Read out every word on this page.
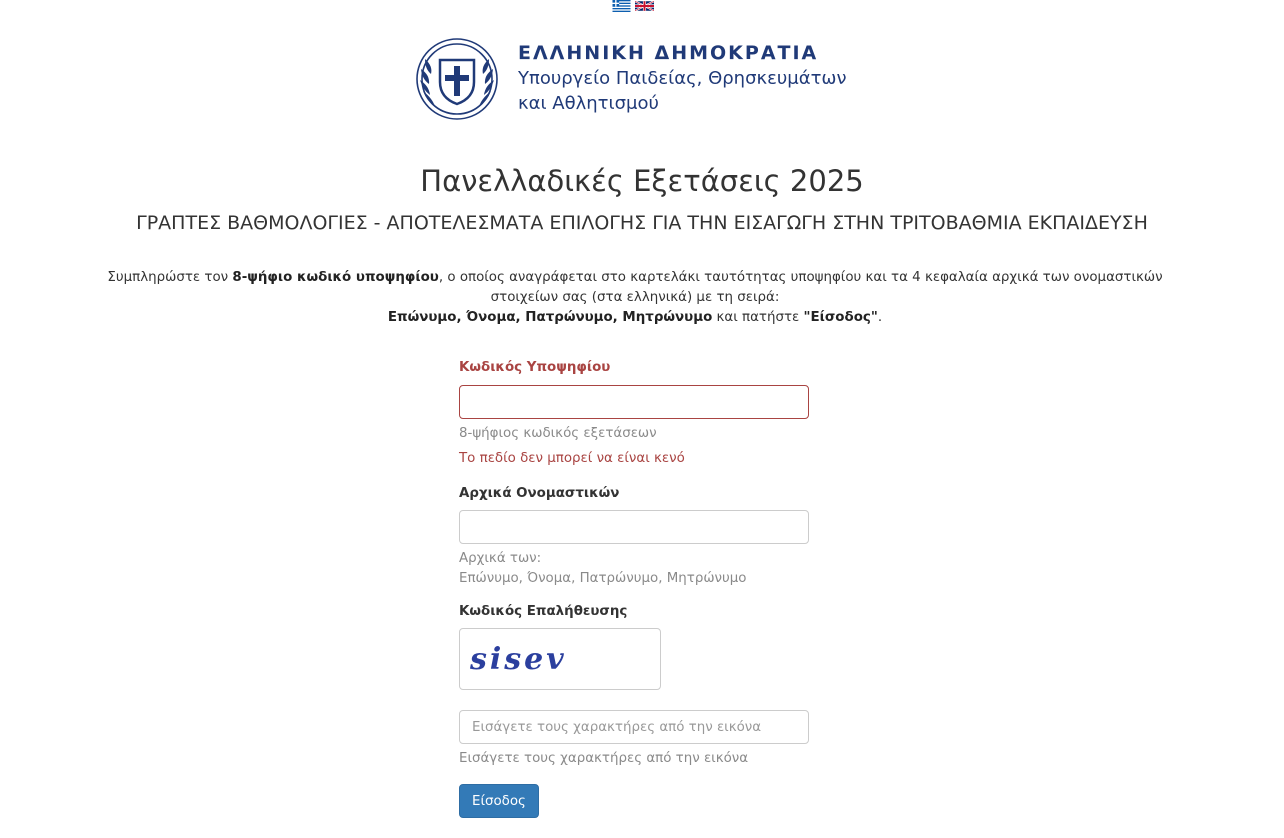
ΕΛΛΗΝΙΚΗ ΔΗΜΟΚΡΑΤΙΑ
Υπουργείο Παιδείας, Θρησκευμάτων
και Αθλητισμού
Πανελλαδικές Εξετάσεις 2025
ΓΡΑΠΤΕΣ ΒΑΘΜΟΛΟΓΙΕΣ - ΑΠΟΤΕΛΕΣΜΑΤΑ ΕΠΙΛΟΓΗΣ ΓΙΑ ΤΗΝ ΕΙΣΑΓΩΓΗ ΣΤΗΝ ΤΡΙΤΟΒΑΘΜΙΑ ΕΚΠΑΙΔΕΥΣΗ

Συμπληρώστε τον 8-ψήφιο κωδικό υποψηφίου, ο οποίος αναγράφεται στο καρτελάκι ταυτότητας υποψηφίου και τα 4 κεφαλαία αρχικά των ονομαστικών στοιχείων σας (στα ελληνικά) με τη σειρά:
Επώνυμο, Όνομα, Πατρώνυμο, Μητρώνυμο και πατήστε "Είσοδος".

Κωδικός Υποψηφίου
8-ψήφιος κωδικός εξετάσεων
Το πεδίο δεν μπορεί να είναι κενό
Αρχικά Ονομαστικών
Αρχικά των:
Επώνυμο, Όνομα, Πατρώνυμο, Μητρώνυμο
Κωδικός Επαλήθευσης
sisev
Εισάγετε τους χαρακτήρες από την εικόνα
Εισάγετε τους χαρακτήρες από την εικόνα
Είσοδος
